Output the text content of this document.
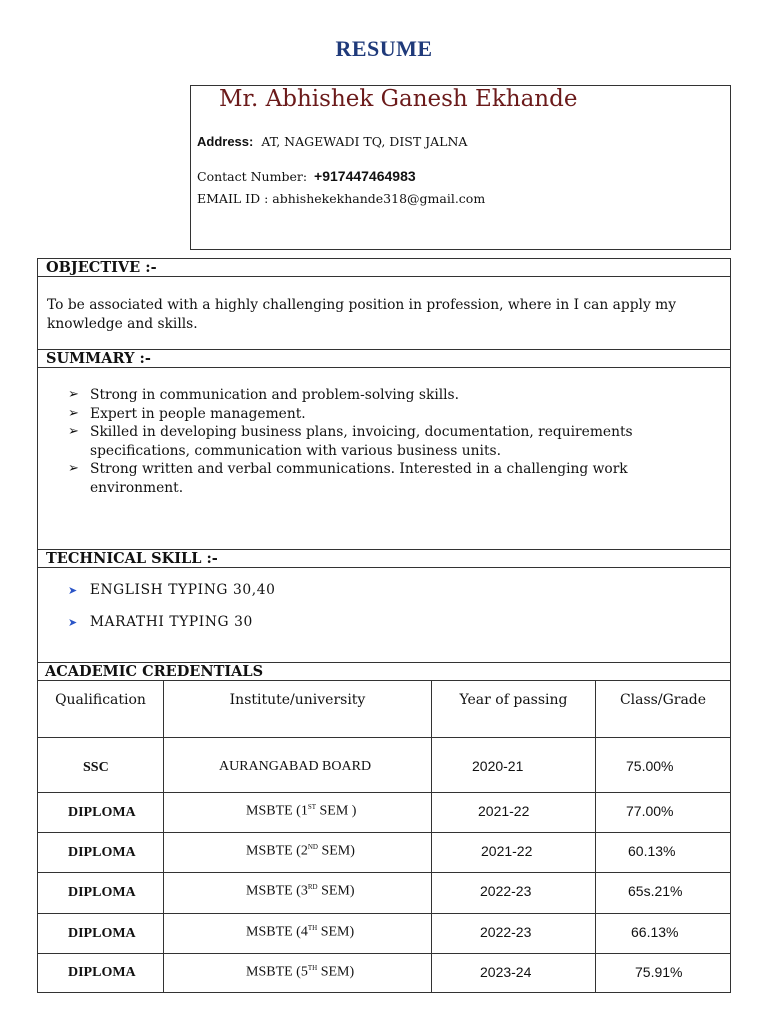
RESUME
Mr. Abhishek Ganesh Ekhande
Address: AT, NAGEWADI TQ, DIST JALNA
Contact Number: +917447464983
EMAIL ID : abhishekekhande318@gmail.com
OBJECTIVE :-
To be associated with a highly challenging position in profession, where in I can apply my
knowledge and skills.
SUMMARY :-
➢ Strong in communication and problem-solving skills.
➢ Expert in people management.
➢ Skilled in developing business plans, invoicing, documentation, requirements specifications, communication with various business units.
➢ Strong written and verbal communications. Interested in a challenging work environment.
TECHNICAL SKILL :-
➤ ENGLISH TYPING 30,40
➤ MARATHI TYPING 30
ACADEMIC CREDENTIALS
Qualification	Institute/university	Year of passing	Class/Grade
SSC	AURANGABAD BOARD	2020-21	75.00%
DIPLOMA	MSBTE (1ST SEM )	2021-22	77.00%
DIPLOMA	MSBTE (2ND SEM)	2021-22	60.13%
DIPLOMA	MSBTE (3RD SEM)	2022-23	65s.21%
DIPLOMA	MSBTE (4TH SEM)	2022-23	66.13%
DIPLOMA	MSBTE (5TH SEM)	2023-24	75.91%
